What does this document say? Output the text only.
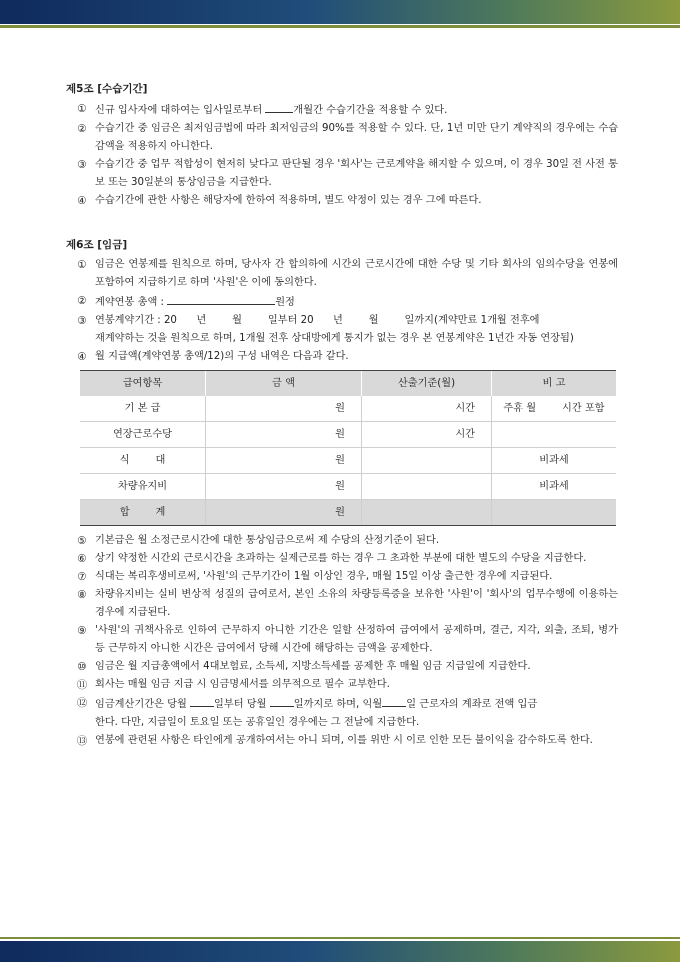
제5조 [수습기간]
① 신규 입사자에 대하여는 입사일로부터	개월간 수습기간을 적용할 수 있다.
② 수습기간 중 임금은 최저임금법에 따라 최저임금의 90%를 적용할 수 있다. 단, 1년 미만 단기 계약직의 경우에는 수습 감액을 적용하지 아니한다.
③ 수습기간 중 업무 적합성이 현저히 낮다고 판단될 경우 '회사'는 근로계약을 해지할 수 있으며, 이 경우 30일 전 사전 통보 또는 30일분의 통상임금을 지급한다.
④ 수습기간에 관한 사항은 해당자에 한하여 적용하며, 별도 약정이 있는 경우 그에 따른다.
제6조 [임금]
① 임금은 연봉제를 원칙으로 하며, 당사자 간 합의하에 시간외 근로시간에 대한 수당 및 기타 회사의 임의수당을 연봉에 포함하여 지급하기로 하며 '사원'은 이에 동의한다.
② 계약연봉 총액 :	원정
③ 연봉계약기간 : 20      년        월        일부터 20      년        월        일까지(계약만료 1개월 전후에
재계약하는 것을 원칙으로 하며, 1개월 전후 상대방에게 통지가 없는 경우 본 연봉계약은 1년간 자동 연장됨)
④ 월 지급액(계약연봉 총액/12)의 구성 내역은 다음과 같다.
급여항목	금 액	산출기준(월)	비 고
기 본 급	원	시간	주휴 월        시간 포함
연장근로수당	원	시간	
식        대	원		비과세
차량유지비	원		비과세
합        계	원		
⑤ 기본급은 월 소정근로시간에 대한 통상임금으로써 제 수당의 산정기준이 된다.
⑥ 상기 약정한 시간외 근로시간을 초과하는 실제근로를 하는 경우 그 초과한 부분에 대한 별도의 수당을 지급한다.
⑦ 식대는 복리후생비로써, '사원'의 근무기간이 1월 이상인 경우, 매월 15일 이상 출근한 경우에 지급된다.
⑧ 차량유지비는 실비 변상적 성질의 급여로서, 본인 소유의 차량등록증을 보유한 '사원'이 '회사'의 업무수행에 이용하는 경우에 지급된다.
⑨ '사원'의 귀책사유로 인하여 근무하지 아니한 기간은 일할 산정하여 급여에서 공제하며, 결근, 지각, 외출, 조퇴, 병가 등 근무하지 아니한 시간은 급여에서 당해 시간에 해당하는 금액을 공제한다.
⑩ 임금은 월 지급총액에서 4대보험료, 소득세, 지방소득세를 공제한 후 매월 임금 지급일에 지급한다.
⑪ 회사는 매월 임금 지급 시 임금명세서를 의무적으로 필수 교부한다.
⑫ 임금계산기간은 당월 일부터 당월 일까지로 하며, 익월 일 근로자의 계좌로 전액 입금
한다. 다만, 지급일이 토요일 또는 공휴일인 경우에는 그 전날에 지급한다.
⑬ 연봉에 관련된 사항은 타인에게 공개하여서는 아니 되며, 이를 위반 시 이로 인한 모든 불이익을 감수하도록 한다.
